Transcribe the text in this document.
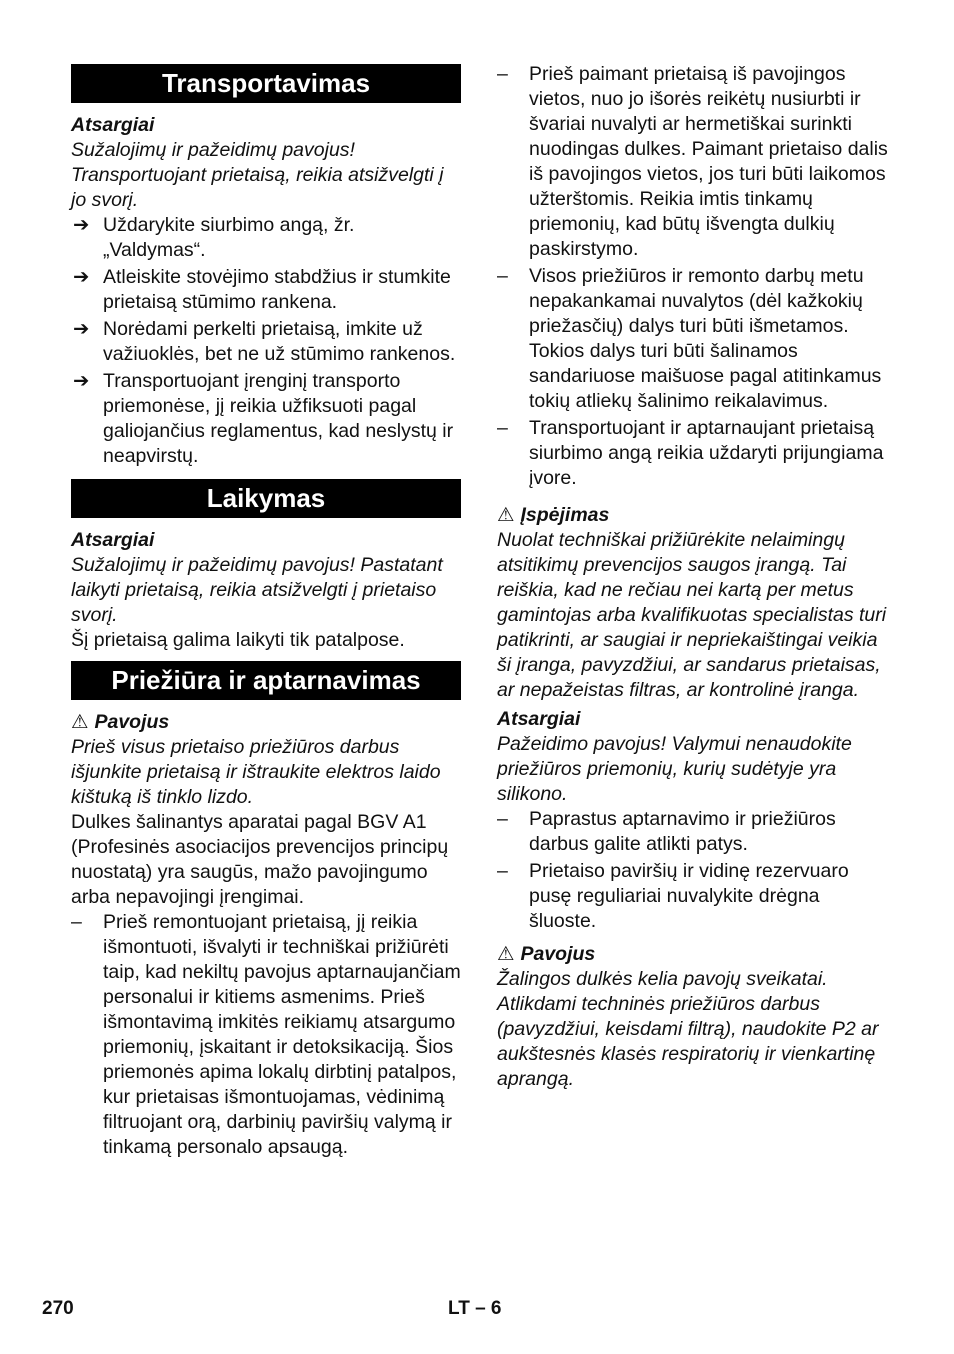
Transportavimas
Atsargiai

Sužalojimų ir pažeidimų pavojus! Transportuojant prietaisą, reikia atsižvelgti į jo svorį.

➔ Uždarykite siurbimo angą, žr. „Valdymas“.
➔ Atleiskite stovėjimo stabdžius ir stumkite prietaisą stūmimo rankena.
➔ Norėdami perkelti prietaisą, imkite už važiuoklės, bet ne už stūmimo rankenos.
➔ Transportuojant įrenginį transporto priemonėse, jį reikia užfiksuoti pagal galiojančius reglamentus, kad neslystų ir neapvirstų.
Laikymas
Atsargiai

Sužalojimų ir pažeidimų pavojus! Pastatant laikyti prietaisą, reikia atsižvelgti į prietaiso svorį.

Šį prietaisą galima laikyti tik patalpose.

Priežiūra ir aptarnavimas
⚠ Pavojus

Prieš visus prietaiso priežiūros darbus išjunkite prietaisą ir ištraukite elektros laido kištuką iš tinklo lizdo.

Dulkes šalinantys aparatai pagal BGV A1 (Profesinės asociacijos prevencijos principų nuostatą) yra saugūs, mažo pavojingumo arba nepavojingi įrengimai.

– Prieš remontuojant prietaisą, jį reikia išmontuoti, išvalyti ir techniškai prižiūrėti taip, kad nekiltų pavojus aptarnaujančiam personalui ir kitiems asmenims. Prieš išmontavimą imkitės reikiamų atsargumo priemonių, įskaitant ir detoksikaciją. Šios priemonės apima lokalų dirbtinį patalpos, kur prietaisas išmontuojamas, vėdinimą filtruojant orą, darbinių paviršių valymą ir tinkamą personalo apsaugą.
– Prieš paimant prietaisą iš pavojingos vietos, nuo jo išorės reikėtų nusiurbti ir švariai nuvalyti ar hermetiškai surinkti nuodingas dulkes. Paimant prietaiso dalis iš pavojingos vietos, jos turi būti laikomos užterštomis. Reikia imtis tinkamų priemonių, kad būtų išvengta dulkių paskirstymo.
– Visos priežiūros ir remonto darbų metu nepakankamai nuvalytos (dėl kažkokių priežasčių) dalys turi būti išmetamos. Tokios dalys turi būti šalinamos sandariuose maišuose pagal atitinkamus tokių atliekų šalinimo reikalavimus.
– Transportuojant ir aptarnaujant prietaisą siurbimo angą reikia uždaryti prijungiama įvore.
⚠ Įspėjimas

Nuolat techniškai prižiūrėkite nelaimingų atsitikimų prevencijos saugos įrangą. Tai reiškia, kad ne rečiau nei kartą per metus gamintojas arba kvalifikuotas specialistas turi patikrinti, ar saugiai ir nepriekaištingai veikia ši įranga, pavyzdžiui, ar sandarus prietaisas, ar nepažeistas filtras, ar kontrolinė įranga.

Atsargiai

Pažeidimo pavojus! Valymui nenaudokite priežiūros priemonių, kurių sudėtyje yra silikono.

– Paprastus aptarnavimo ir priežiūros darbus galite atlikti patys.
– Prietaiso paviršių ir vidinę rezervuaro pusę reguliariai nuvalykite drėgna šluoste.
⚠ Pavojus

Žalingos dulkės kelia pavojų sveikatai. Atlikdami techninės priežiūros darbus (pavyzdžiui, keisdami filtrą), naudokite P2 ar aukštesnės klasės respiratorių ir vienkartinę aprangą.

270	LT – 6
